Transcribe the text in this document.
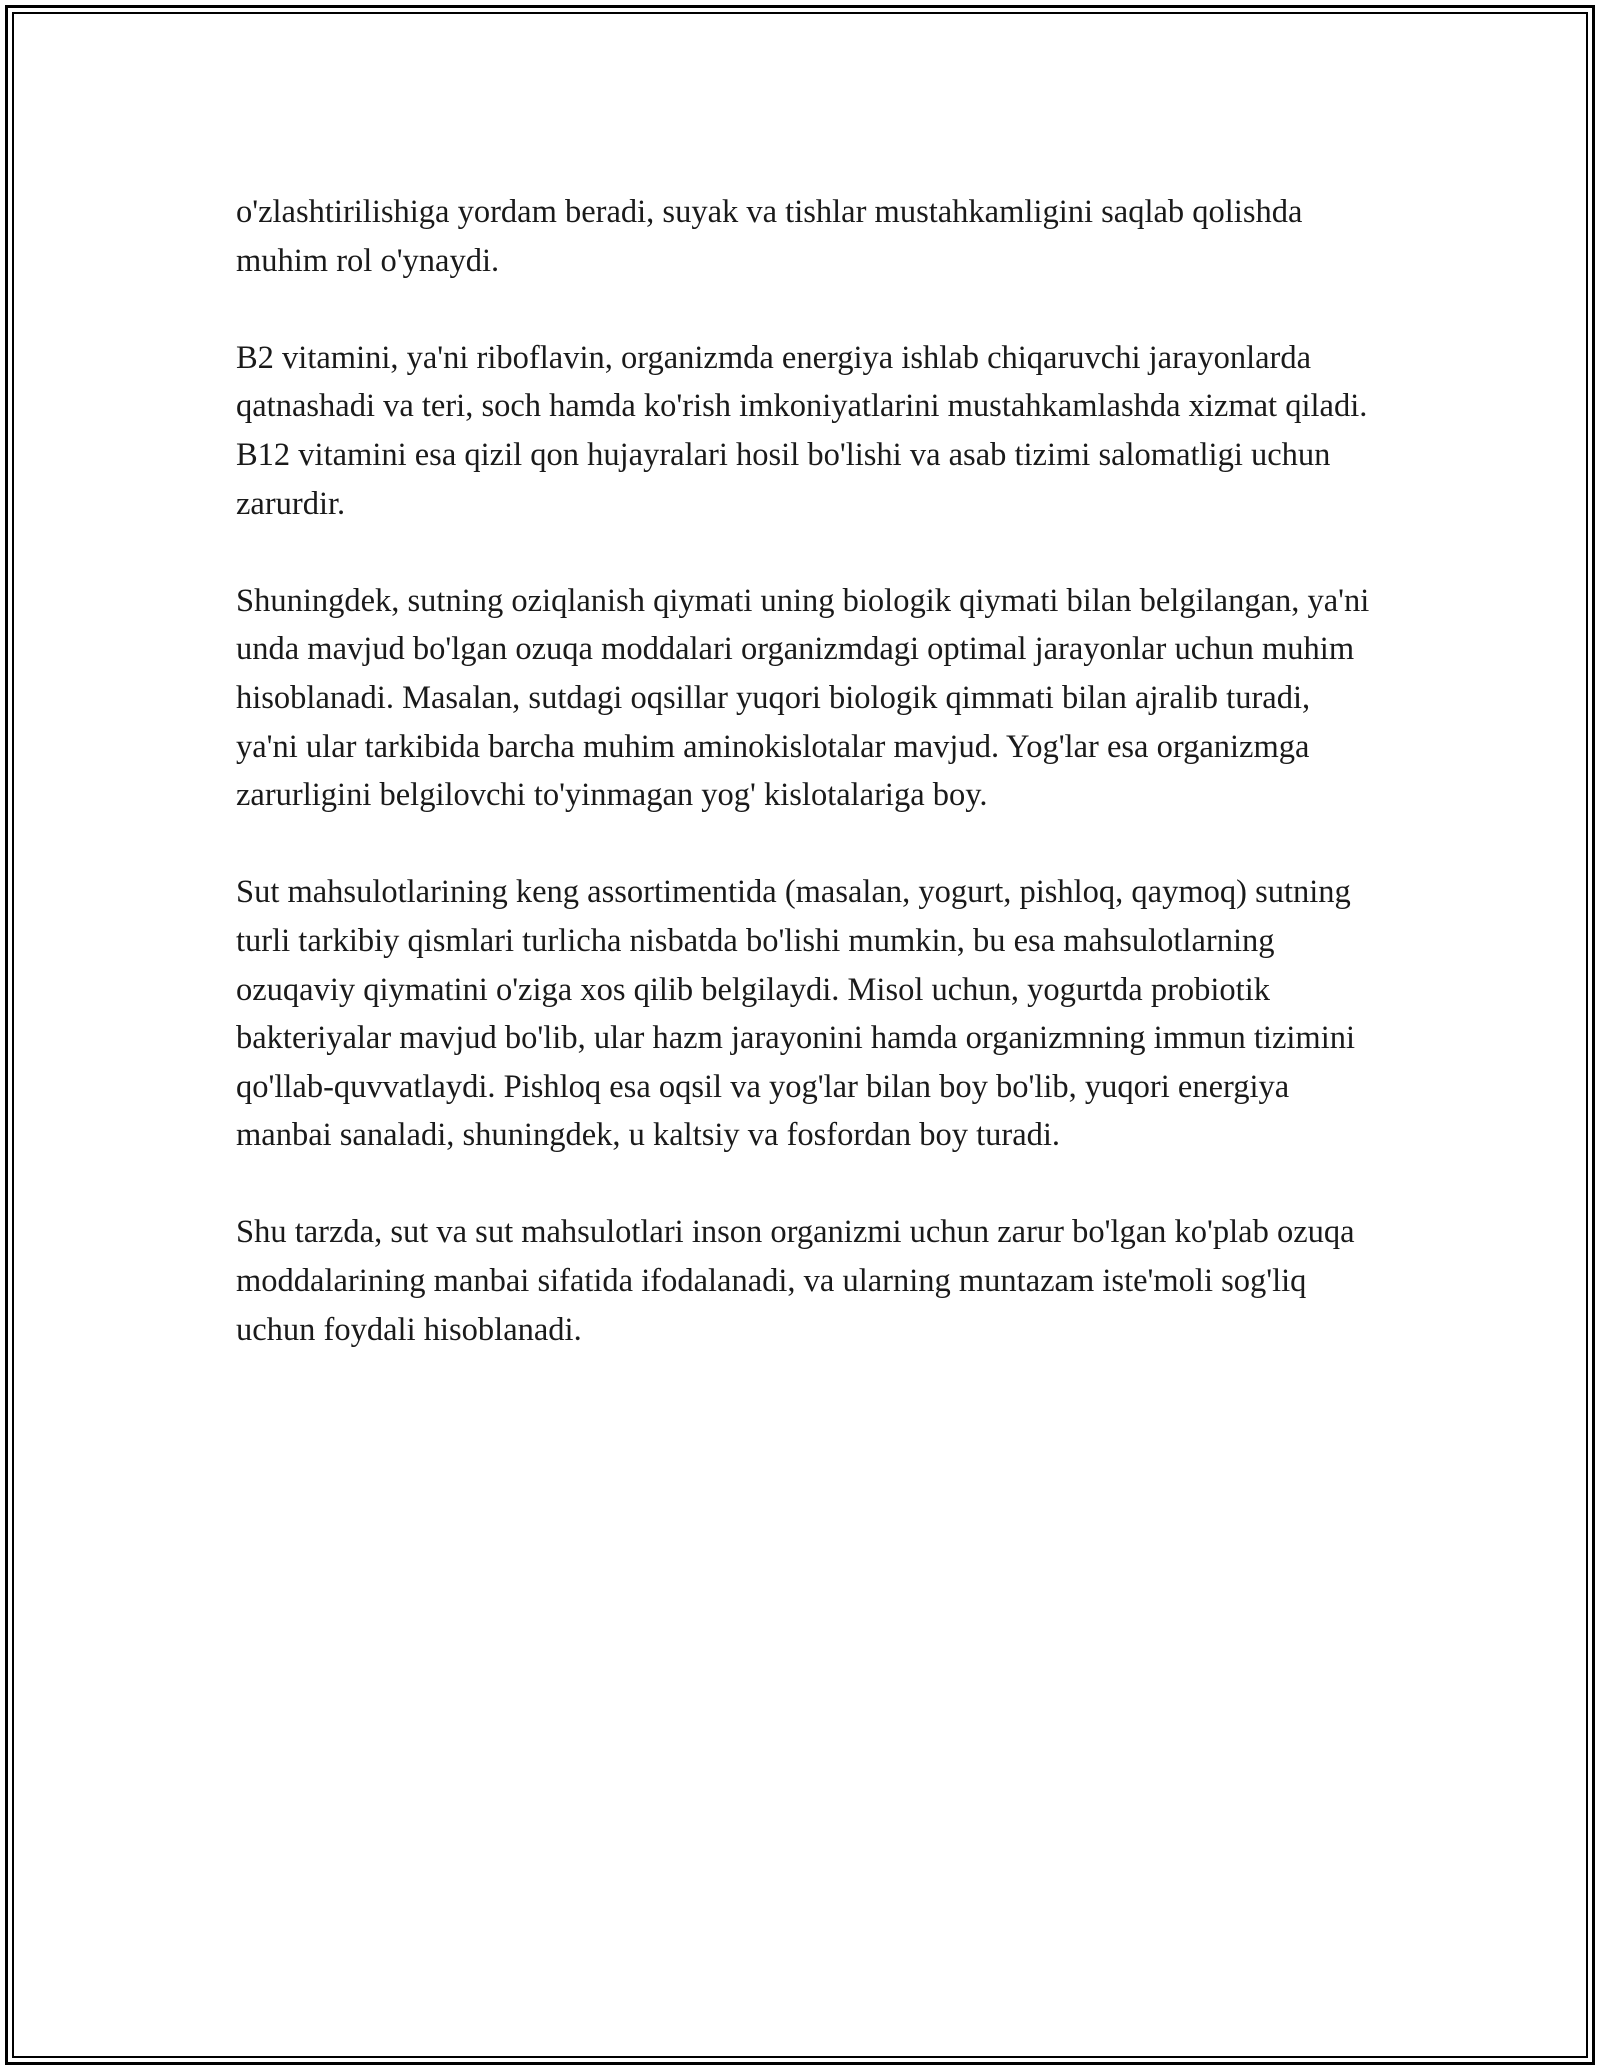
o'zlashtirilishiga yordam beradi, suyak va tishlar mustahkamligini saqlab qolishda muhim rol o'ynaydi.

B2 vitamini, ya'ni riboflavin, organizmda energiya ishlab chiqaruvchi jarayonlarda qatnashadi va teri, soch hamda ko'rish imkoniyatlarini mustahkamlashda xizmat qiladi. B12 vitamini esa qizil qon hujayralari hosil bo'lishi va asab tizimi salomatligi uchun zarurdir.

Shuningdek, sutning oziqlanish qiymati uning biologik qiymati bilan belgilangan, ya'ni unda mavjud bo'lgan ozuqa moddalari organizmdagi optimal jarayonlar uchun muhim hisoblanadi. Masalan, sutdagi oqsillar yuqori biologik qimmati bilan ajralib turadi, ya'ni ular tarkibida barcha muhim aminokislotalar mavjud. Yog'lar esa organizmga zarurligini belgilovchi to'yinmagan yog' kislotalariga boy.

Sut mahsulotlarining keng assortimentida (masalan, yogurt, pishloq, qaymoq) sutning turli tarkibiy qismlari turlicha nisbatda bo'lishi mumkin, bu esa mahsulotlarning ozuqaviy qiymatini o'ziga xos qilib belgilaydi. Misol uchun, yogurtda probiotik bakteriyalar mavjud bo'lib, ular hazm jarayonini hamda organizmning immun tizimini qo'llab-quvvatlaydi. Pishloq esa oqsil va yog'lar bilan boy bo'lib, yuqori energiya manbai sanaladi, shuningdek, u kaltsiy va fosfordan boy turadi.

Shu tarzda, sut va sut mahsulotlari inson organizmi uchun zarur bo'lgan ko'plab ozuqa moddalarining manbai sifatida ifodalanadi, va ularning muntazam iste'moli sog'liq uchun foydali hisoblanadi.
